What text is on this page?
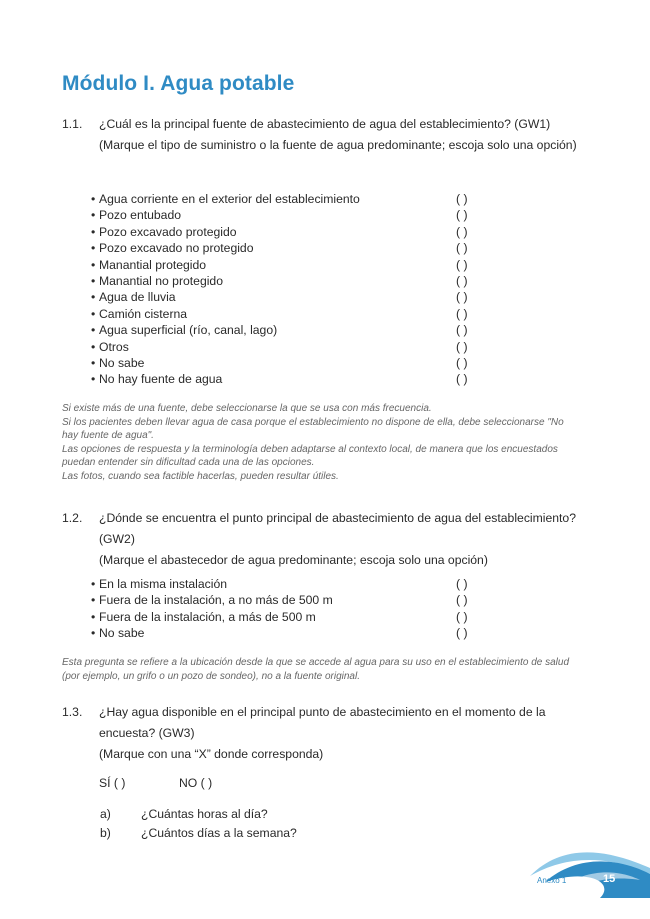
Módulo I. Agua potable
1.1. ¿Cuál es la principal fuente de abastecimiento de agua del establecimiento? (GW1)
(Marque el tipo de suministro o la fuente de agua predominante; escoja solo una opción)
• Agua corriente en el exterior del establecimiento	( )
• Pozo entubado	( )
• Pozo excavado protegido	( )
• Pozo excavado no protegido	( )
• Manantial protegido	( )
• Manantial no protegido	( )
• Agua de lluvia	( )
• Camión cisterna	( )
• Agua superficial (río, canal, lago)	( )
• Otros	( )
• No sabe	( )
• No hay fuente de agua	( )
Si existe más de una fuente, debe seleccionarse la que se usa con más frecuencia.
Si los pacientes deben llevar agua de casa porque el establecimiento no dispone de ella, debe seleccionarse "No hay fuente de agua".
Las opciones de respuesta y la terminología deben adaptarse al contexto local, de manera que los encuestados puedan entender sin dificultad cada una de las opciones.
Las fotos, cuando sea factible hacerlas, pueden resultar útiles.
1.2. ¿Dónde se encuentra el punto principal de abastecimiento de agua del establecimiento? (GW2)
(Marque el abastecedor de agua predominante; escoja solo una opción)
• En la misma instalación	( )
• Fuera de la instalación, a no más de 500 m	( )
• Fuera de la instalación, a más de 500 m	( )
• No sabe	( )
Esta pregunta se refiere a la ubicación desde la que se accede al agua para su uso en el establecimiento de salud (por ejemplo, un grifo o un pozo de sondeo), no a la fuente original.
1.3. ¿Hay agua disponible en el principal punto de abastecimiento en el momento de la encuesta? (GW3)
(Marque con una “X” donde corresponda)
SÍ ( )	NO ( )
a) ¿Cuántas horas al día?
b) ¿Cuántos días a la semana?
Anexo 1	15
